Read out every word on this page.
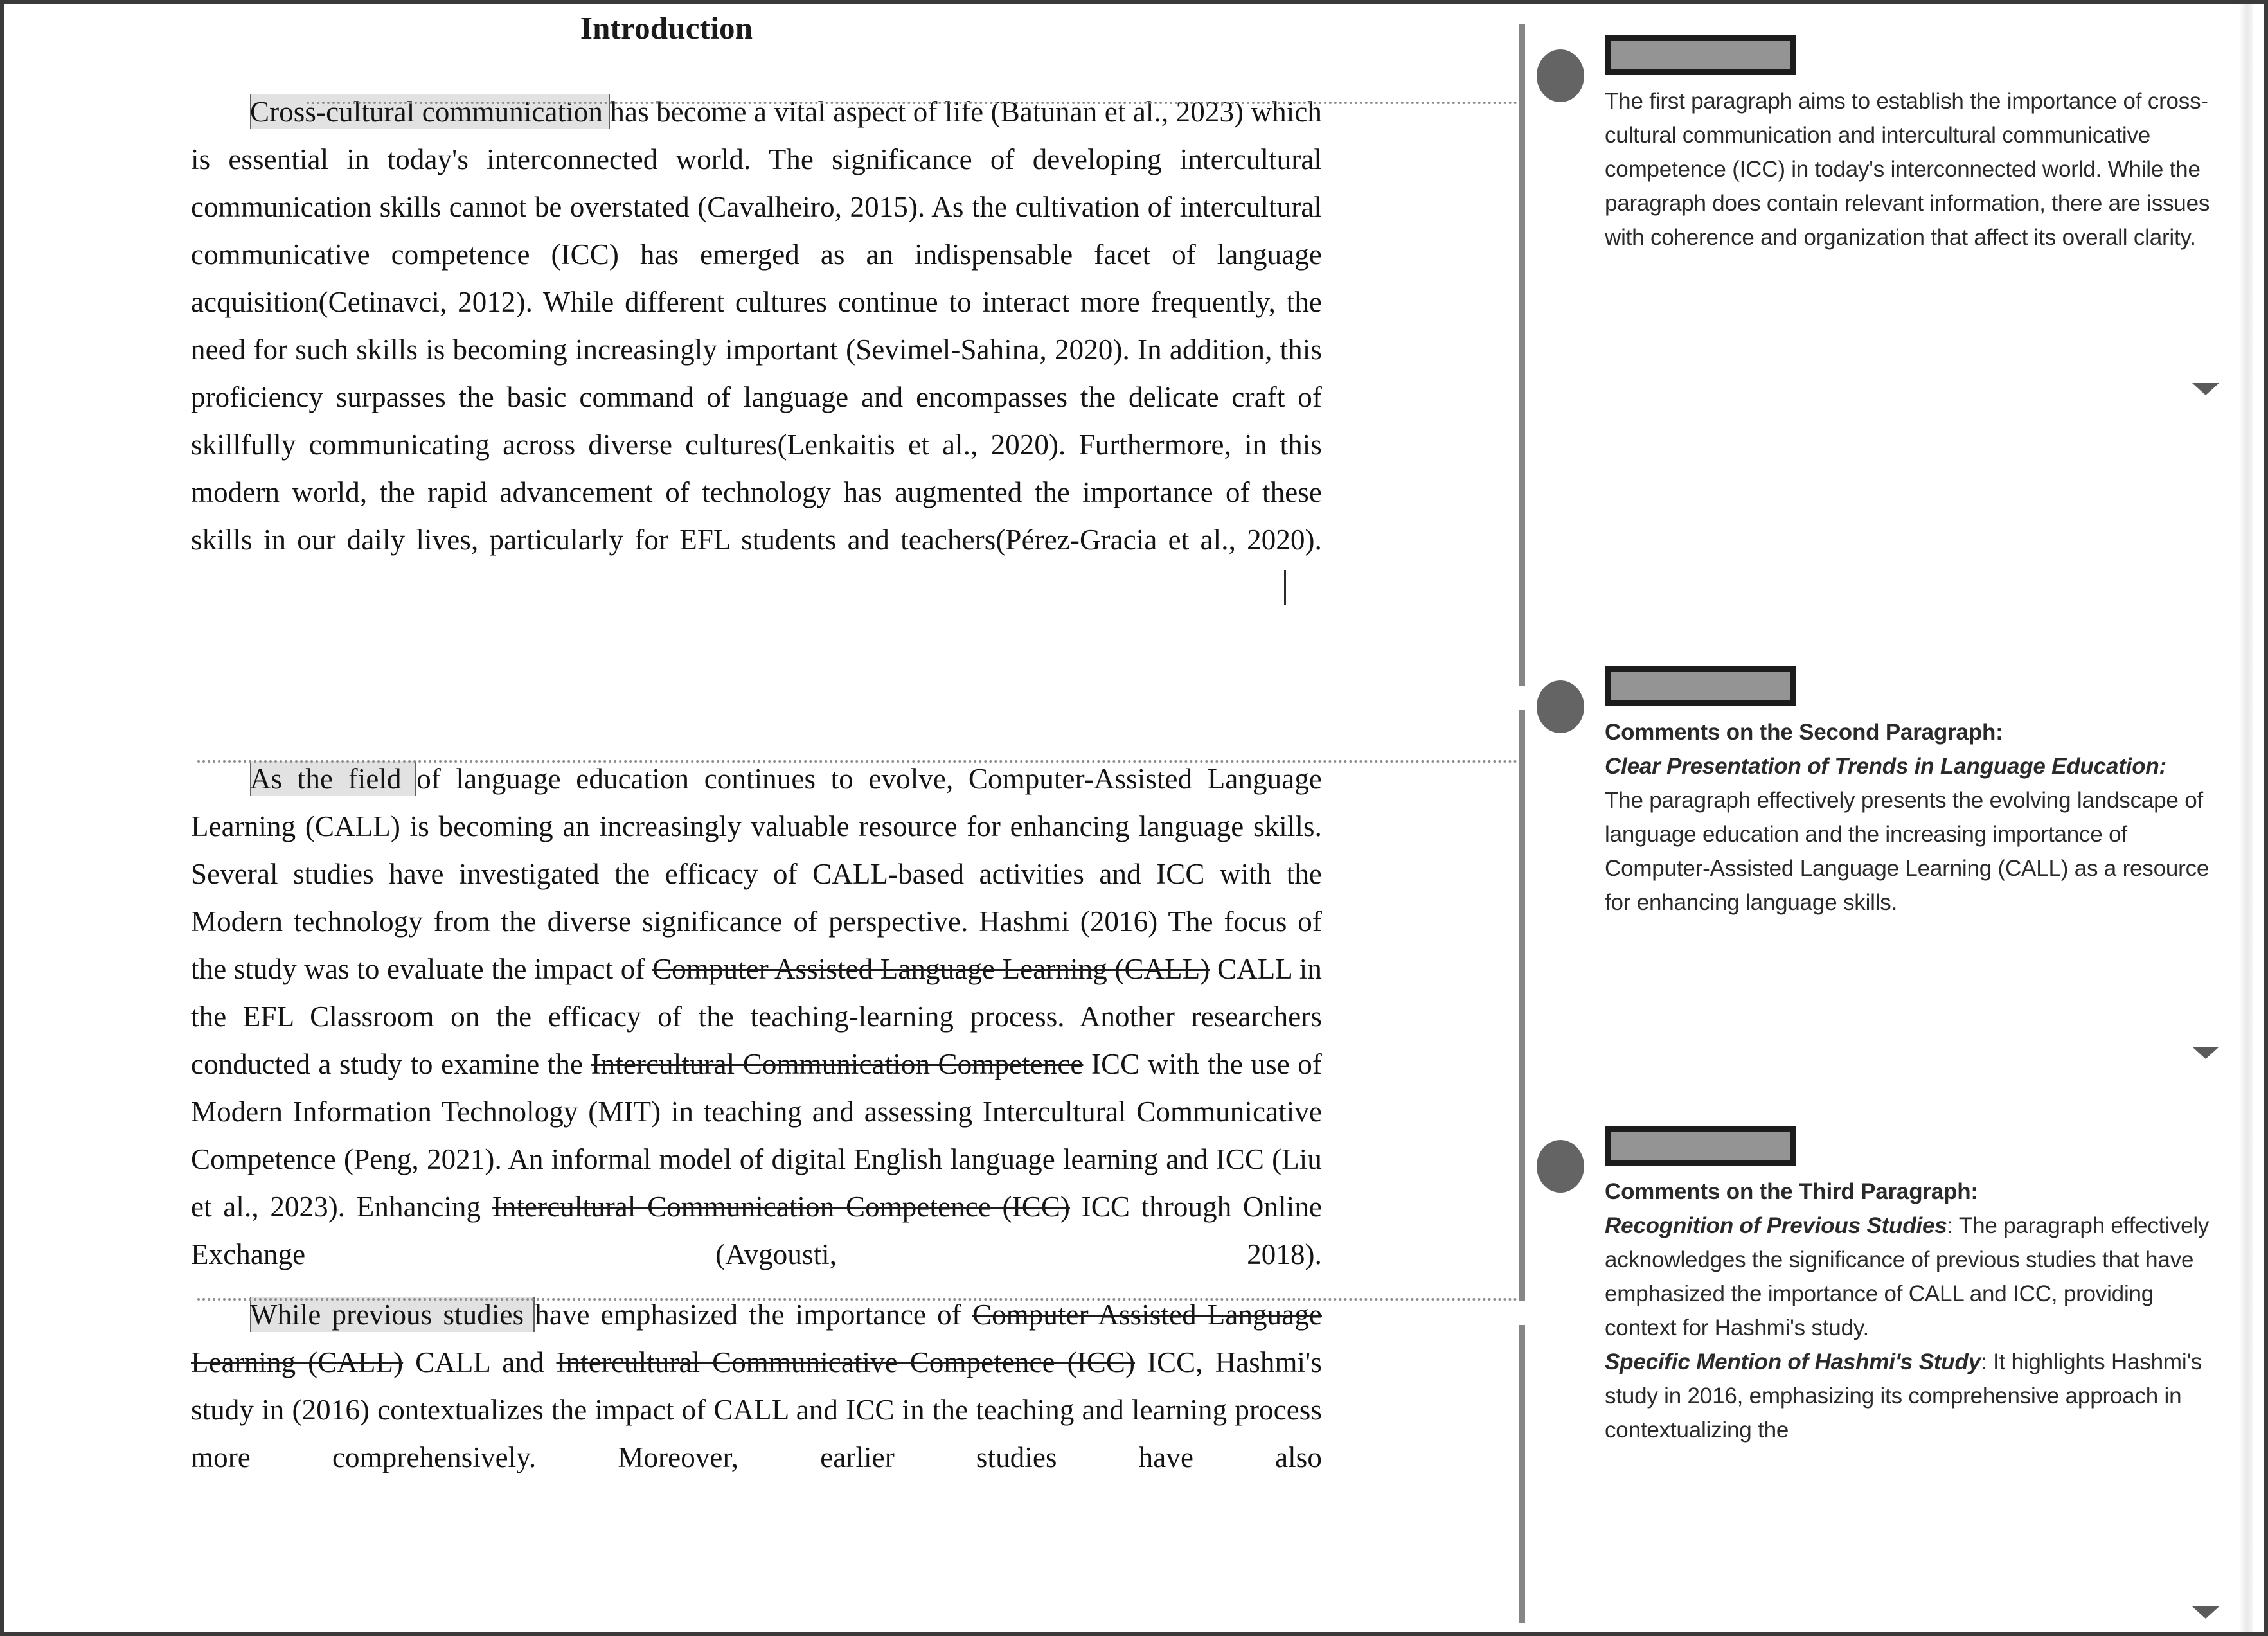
Introduction
Cross-cultural communication has become a vital aspect of life (Batunan et al., 2023) which is essential in today's interconnected world. The significance of developing intercultural communication skills cannot be overstated (Cavalheiro, 2015). As the cultivation of intercultural communicative competence (ICC) has emerged as an indispensable facet of language acquisition(Cetinavci, 2012). While different cultures continue to interact more frequently, the need for such skills is becoming increasingly important (Sevimel-Sahina, 2020). In addition, this proficiency surpasses the basic command of language and encompasses the delicate craft of skillfully communicating across diverse cultures(Lenkaitis et al., 2020). Furthermore, in this modern world, the rapid advancement of technology has augmented the importance of these skills in our daily lives, particularly for EFL students and teachers(Pérez-Gracia et al., 2020).
As the field of language education continues to evolve, Computer-Assisted Language Learning (CALL) is becoming an increasingly valuable resource for enhancing language skills. Several studies have investigated the efficacy of CALL-based activities and ICC with the Modern technology from the diverse significance of perspective. Hashmi (2016) The focus of the study was to evaluate the impact of Computer Assisted Language Learning (CALL) CALL in the EFL Classroom on the efficacy of the teaching-learning process. Another researchers conducted a study to examine the Intercultural Communication Competence ICC with the use of Modern Information Technology (MIT) in teaching and assessing Intercultural Communicative Competence (Peng, 2021). An informal model of digital English language learning and ICC (Liu et al., 2023). Enhancing Intercultural Communication Competence (ICC) ICC through Online Exchange (Avgousti, 2018).
While previous studies have emphasized the importance of Computer Assisted Language Learning (CALL) CALL and Intercultural Communicative Competence (ICC) ICC, Hashmi's study in (2016) contextualizes the impact of CALL and ICC in the teaching and learning process more comprehensively. Moreover, earlier studies have also

The first paragraph aims to establish the importance of cross-cultural communication and intercultural communicative competence (ICC) in today's interconnected world. While the paragraph does contain relevant information, there are issues with coherence and organization that affect its overall clarity.

Comments on the Second Paragraph:

Clear Presentation of Trends in Language Education:

The paragraph effectively presents the evolving landscape of language education and the increasing importance of Computer-Assisted Language Learning (CALL) as a resource for enhancing language skills.

Comments on the Third Paragraph:

Recognition of Previous Studies: The paragraph effectively acknowledges the significance of previous studies that have emphasized the importance of CALL and ICC, providing context for Hashmi's study.

Specific Mention of Hashmi's Study: It highlights Hashmi's study in 2016, emphasizing its comprehensive approach in contextualizing the
